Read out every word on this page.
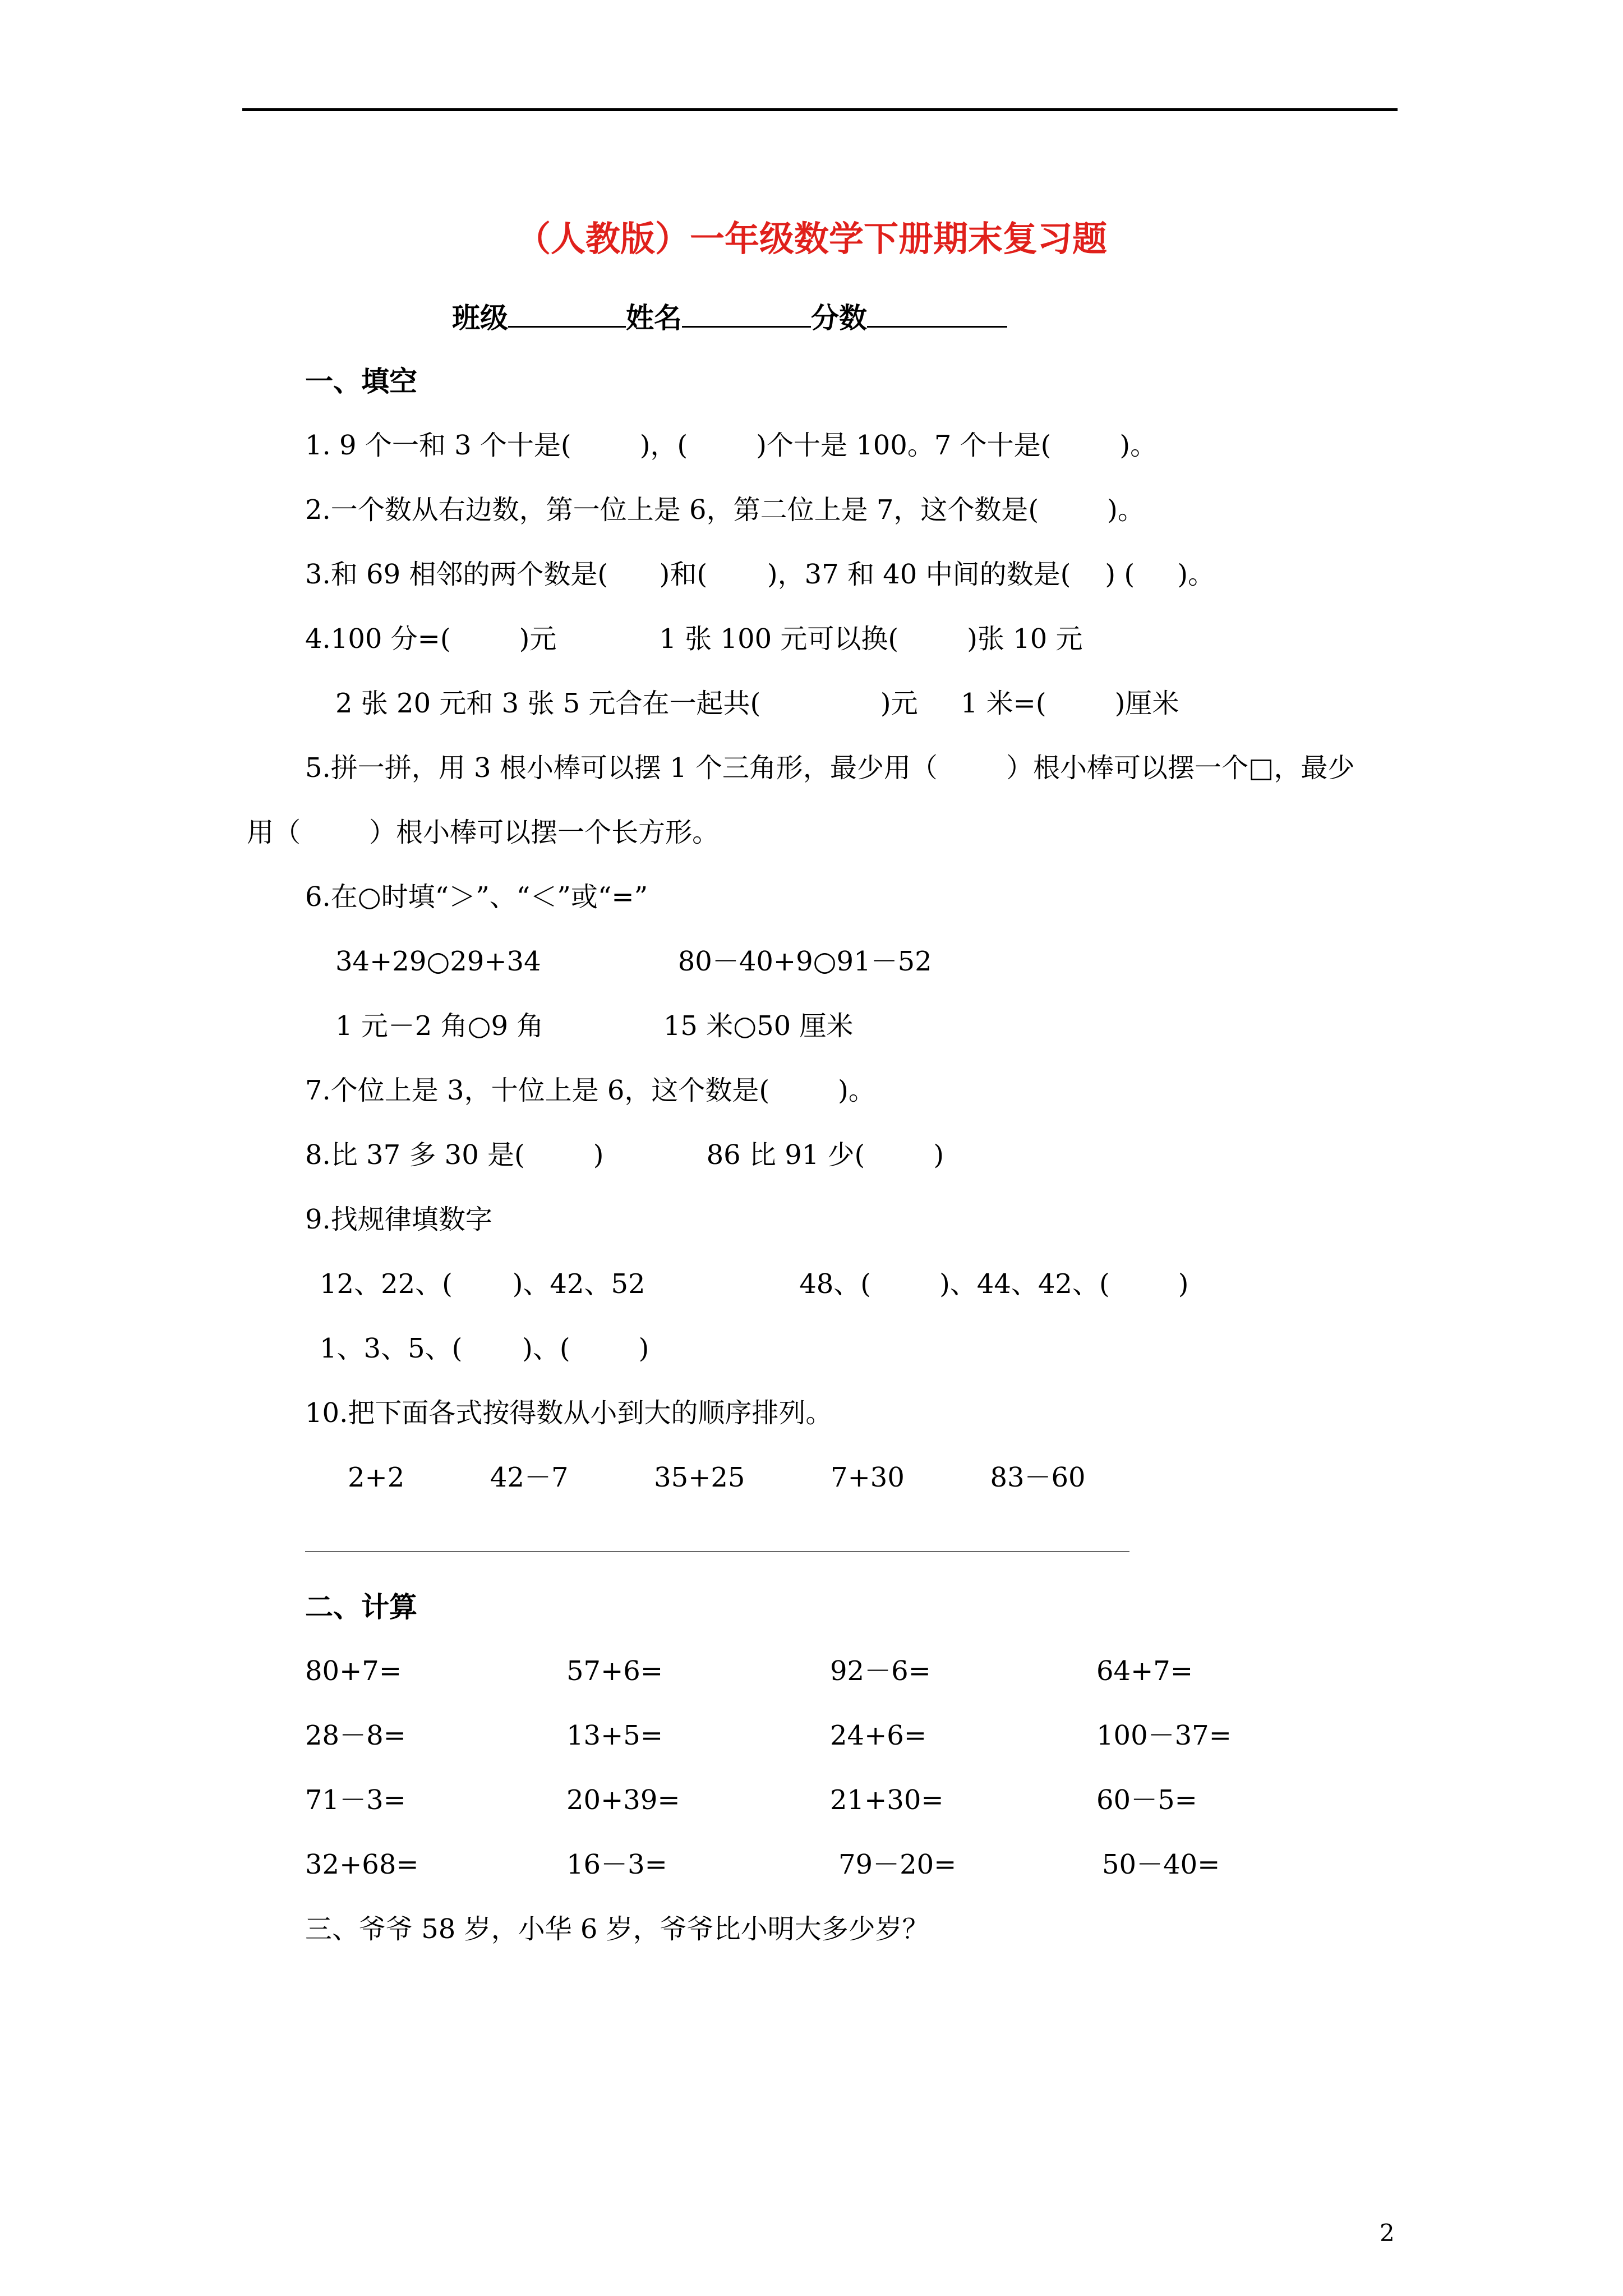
（人教版）一年级数学下册期末复习题
班级	姓名	分数
一、填空
1. 9 个一和 3 个十是(        )，(        )个十是 100。7 个十是(        )。
2.一个数从右边数，第一位上是 6，第二位上是 7，这个数是(        )。
3.和 69 相邻的两个数是(      )和(       )，37 和 40 中间的数是(    ) (     )。
4.100 分=(        )元            1 张 100 元可以换(        )张 10 元
2 张 20 元和 3 张 5 元合在一起共(              )元     1 米=(        )厘米
5.拼一拼，用 3 根小棒可以摆 1 个三角形，最少用（        ）根小棒可以摆一个□，最少
用（        ）根小棒可以摆一个长方形。
6.在○时填“＞”、“＜”或“=”
34+29○29+34                80－40+9○91－52
1 元－2 角○9 角              15 米○50 厘米
7.个位上是 3，十位上是 6，这个数是(        )。
8.比 37 多 30 是(        )            86 比 91 少(        )
9.找规律填数字
12、22、(       )、42、52                  48、(        )、44、42、(        )
1、3、5、(       )、(        )
10.把下面各式按得数从小到大的顺序排列。
2+2          42－7          35+25          7+30          83－60
二、计算
80+7=	57+6=	92－6=	64+7=
28－8=	13+5=	24+6=	100－37=
71－3=	20+39=	21+30=	60－5=
32+68=	16－3=	79－20=	50－40=
三、爷爷 58 岁，小华 6 岁，爷爷比小明大多少岁？
2
